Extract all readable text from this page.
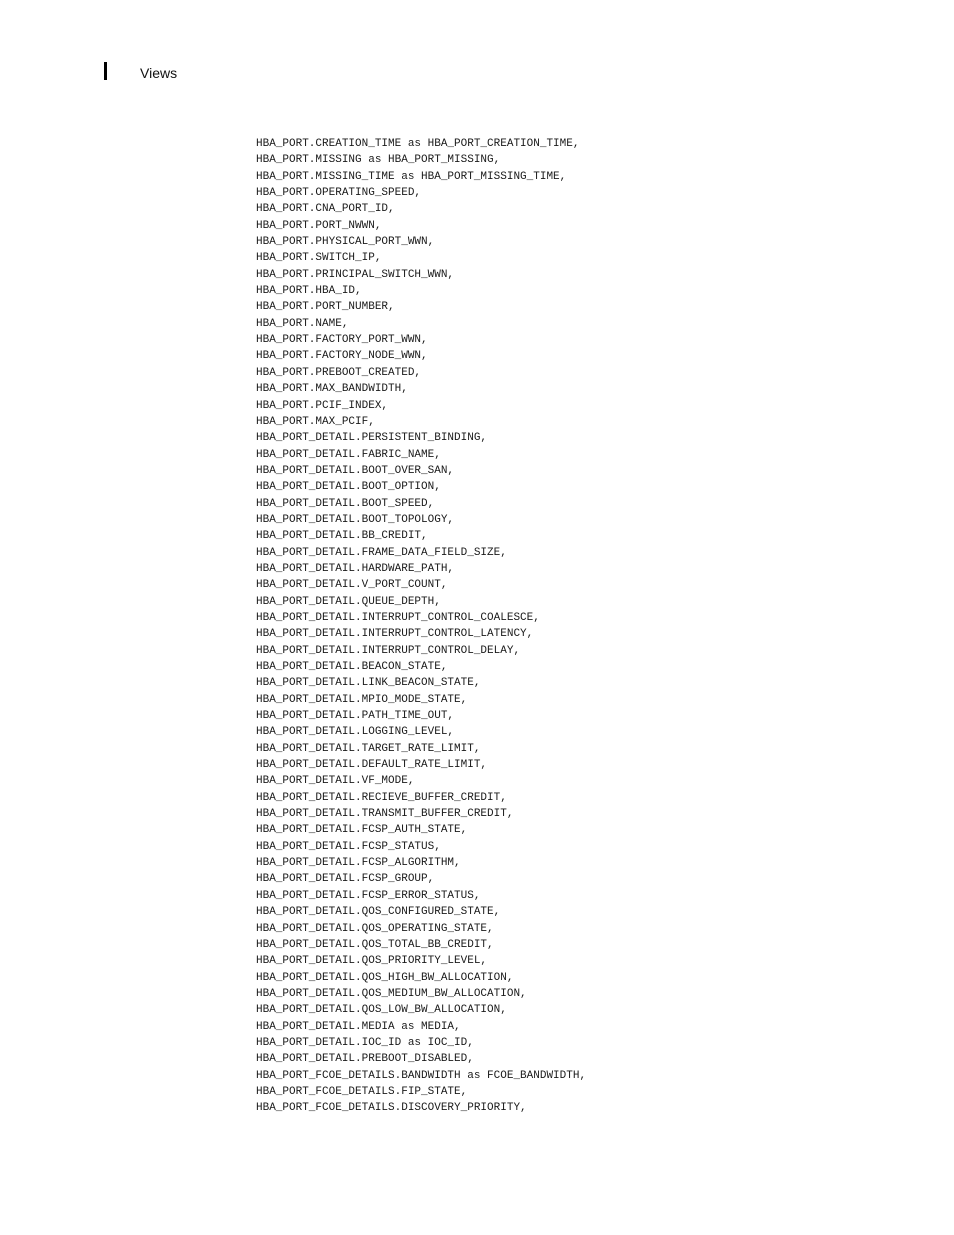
Views
HBA_PORT.CREATION_TIME as HBA_PORT_CREATION_TIME,
HBA_PORT.MISSING as HBA_PORT_MISSING,
HBA_PORT.MISSING_TIME as HBA_PORT_MISSING_TIME,
HBA_PORT.OPERATING_SPEED,
HBA_PORT.CNA_PORT_ID,
HBA_PORT.PORT_NWWN,
HBA_PORT.PHYSICAL_PORT_WWN,
HBA_PORT.SWITCH_IP,
HBA_PORT.PRINCIPAL_SWITCH_WWN,
HBA_PORT.HBA_ID,
HBA_PORT.PORT_NUMBER,
HBA_PORT.NAME,
HBA_PORT.FACTORY_PORT_WWN,
HBA_PORT.FACTORY_NODE_WWN,
HBA_PORT.PREBOOT_CREATED,
HBA_PORT.MAX_BANDWIDTH,
HBA_PORT.PCIF_INDEX,
HBA_PORT.MAX_PCIF,
HBA_PORT_DETAIL.PERSISTENT_BINDING,
HBA_PORT_DETAIL.FABRIC_NAME,
HBA_PORT_DETAIL.BOOT_OVER_SAN,
HBA_PORT_DETAIL.BOOT_OPTION,
HBA_PORT_DETAIL.BOOT_SPEED,
HBA_PORT_DETAIL.BOOT_TOPOLOGY,
HBA_PORT_DETAIL.BB_CREDIT,
HBA_PORT_DETAIL.FRAME_DATA_FIELD_SIZE,
HBA_PORT_DETAIL.HARDWARE_PATH,
HBA_PORT_DETAIL.V_PORT_COUNT,
HBA_PORT_DETAIL.QUEUE_DEPTH,
HBA_PORT_DETAIL.INTERRUPT_CONTROL_COALESCE,
HBA_PORT_DETAIL.INTERRUPT_CONTROL_LATENCY,
HBA_PORT_DETAIL.INTERRUPT_CONTROL_DELAY,
HBA_PORT_DETAIL.BEACON_STATE,
HBA_PORT_DETAIL.LINK_BEACON_STATE,
HBA_PORT_DETAIL.MPIO_MODE_STATE,
HBA_PORT_DETAIL.PATH_TIME_OUT,
HBA_PORT_DETAIL.LOGGING_LEVEL,
HBA_PORT_DETAIL.TARGET_RATE_LIMIT,
HBA_PORT_DETAIL.DEFAULT_RATE_LIMIT,
HBA_PORT_DETAIL.VF_MODE,
HBA_PORT_DETAIL.RECIEVE_BUFFER_CREDIT,
HBA_PORT_DETAIL.TRANSMIT_BUFFER_CREDIT,
HBA_PORT_DETAIL.FCSP_AUTH_STATE,
HBA_PORT_DETAIL.FCSP_STATUS,
HBA_PORT_DETAIL.FCSP_ALGORITHM,
HBA_PORT_DETAIL.FCSP_GROUP,
HBA_PORT_DETAIL.FCSP_ERROR_STATUS,
HBA_PORT_DETAIL.QOS_CONFIGURED_STATE,
HBA_PORT_DETAIL.QOS_OPERATING_STATE,
HBA_PORT_DETAIL.QOS_TOTAL_BB_CREDIT,
HBA_PORT_DETAIL.QOS_PRIORITY_LEVEL,
HBA_PORT_DETAIL.QOS_HIGH_BW_ALLOCATION,
HBA_PORT_DETAIL.QOS_MEDIUM_BW_ALLOCATION,
HBA_PORT_DETAIL.QOS_LOW_BW_ALLOCATION,
HBA_PORT_DETAIL.MEDIA as MEDIA,
HBA_PORT_DETAIL.IOC_ID as IOC_ID,
HBA_PORT_DETAIL.PREBOOT_DISABLED,
HBA_PORT_FCOE_DETAILS.BANDWIDTH as FCOE_BANDWIDTH,
HBA_PORT_FCOE_DETAILS.FIP_STATE,
HBA_PORT_FCOE_DETAILS.DISCOVERY_PRIORITY,
